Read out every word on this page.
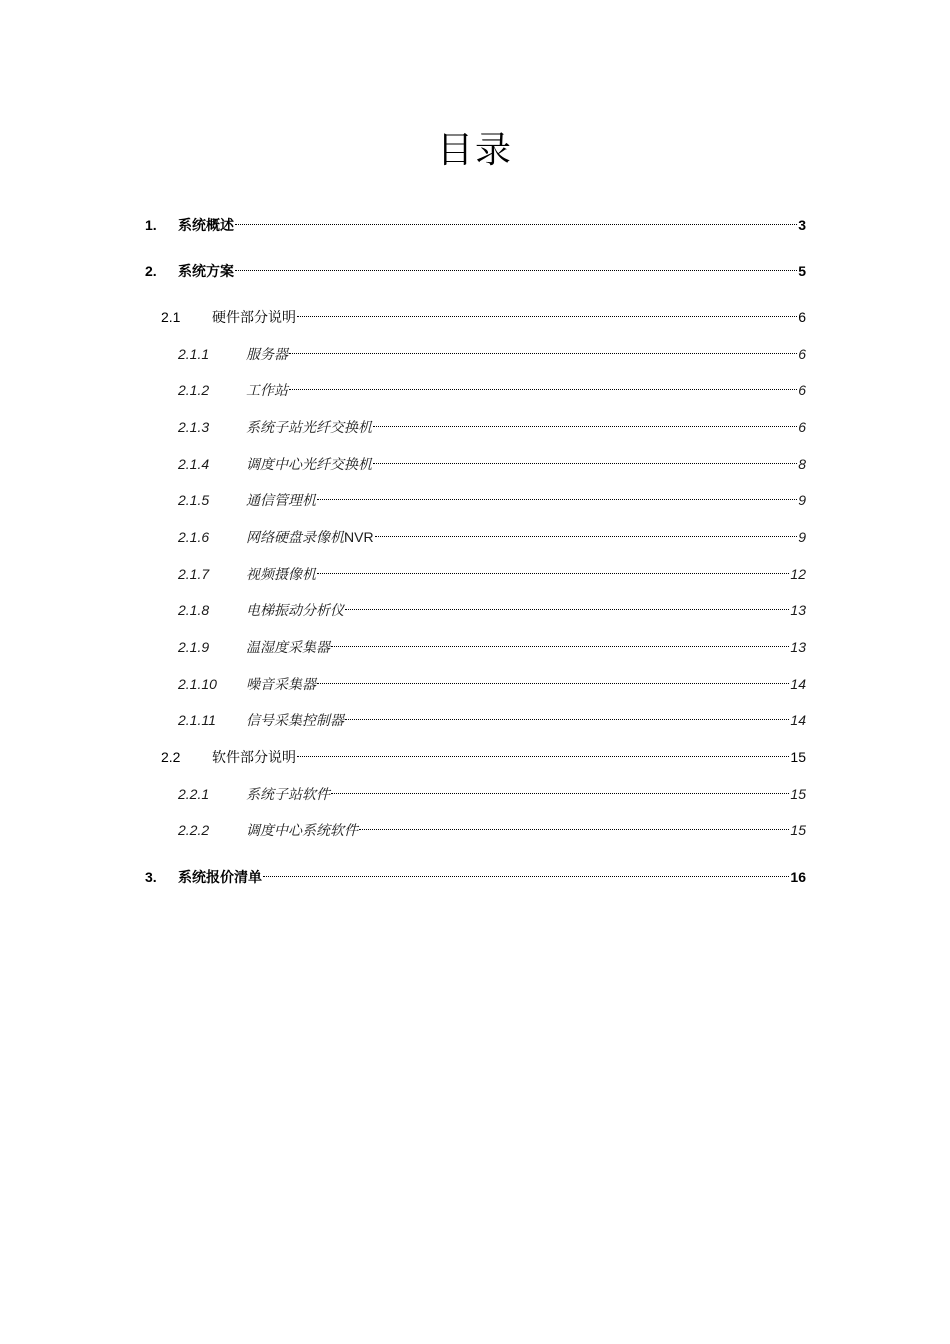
目录
1.	系统概述	3
2.	系统方案	5
2.1	硬件部分说明	6
2.1.1	服务器	6
2.1.2	工作站	6
2.1.3	系统子站光纤交换机	6
2.1.4	调度中心光纤交换机	8
2.1.5	通信管理机	9
2.1.6	网络硬盘录像机NVR	9
2.1.7	视频摄像机	12
2.1.8	电梯振动分析仪	13
2.1.9	温湿度采集器	13
2.1.10	噪音采集器	14
2.1.11	信号采集控制器	14
2.2	软件部分说明	15
2.2.1	系统子站软件	15
2.2.2	调度中心系统软件	15
3.	系统报价清单	16
